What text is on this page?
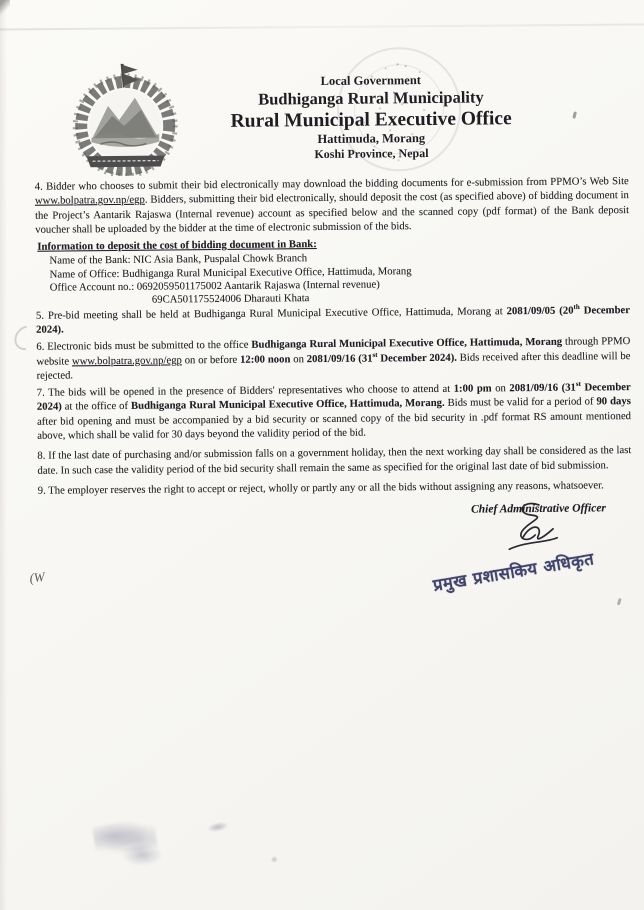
Local Government
Budhiganga Rural Municipality
Rural Municipal Executive Office
Hattimuda, Morang
Koshi Province, Nepal

4. Bidder who chooses to submit their bid electronically may download the bidding documents for e-submission from PPMO’s Web Site www.bolpatra.gov.np/egp. Bidders, submitting their bid electronically, should deposit the cost (as specified above) of bidding document in the Project’s Aantarik Rajaswa (Internal revenue) account as specified below and the scanned copy (pdf format) of the Bank deposit voucher shall be uploaded by the bidder at the time of electronic submission of the bids.

Information to deposit the cost of bidding document in Bank:
Name of the Bank: NIC Asia Bank, Puspalal Chowk Branch
Name of Office: Budhiganga Rural Municipal Executive Office, Hattimuda, Morang
Office Account no.: 0692059501175002 Aantarik Rajaswa (Internal revenue)
69CA501175524006 Dharauti Khata

5. Pre-bid meeting shall be held at Budhiganga Rural Municipal Executive Office, Hattimuda, Morang at 2081/09/05 (20th December 2024).

6. Electronic bids must be submitted to the office Budhiganga Rural Municipal Executive Office, Hattimuda, Morang through PPMO website www.bolpatra.gov.np/egp on or before 12:00 noon on 2081/09/16 (31st December 2024). Bids received after this deadline will be rejected.

7. The bids will be opened in the presence of Bidders' representatives who choose to attend at 1:00 pm on 2081/09/16 (31st December 2024) at the office of Budhiganga Rural Municipal Executive Office, Hattimuda, Morang. Bids must be valid for a period of 90 days after bid opening and must be accompanied by a bid security or scanned copy of the bid security in .pdf format RS amount mentioned above, which shall be valid for 30 days beyond the validity period of the bid.

8. If the last date of purchasing and/or submission falls on a government holiday, then the next working day shall be considered as the last date. In such case the validity period of the bid security shall remain the same as specified for the original last date of bid submission.

9. The employer reserves the right to accept or reject, wholly or partly any or all the bids without assigning any reasons, whatsoever.

Chief Administrative Officer
प्रमुख प्रशासकिय अधिकृत
(W
